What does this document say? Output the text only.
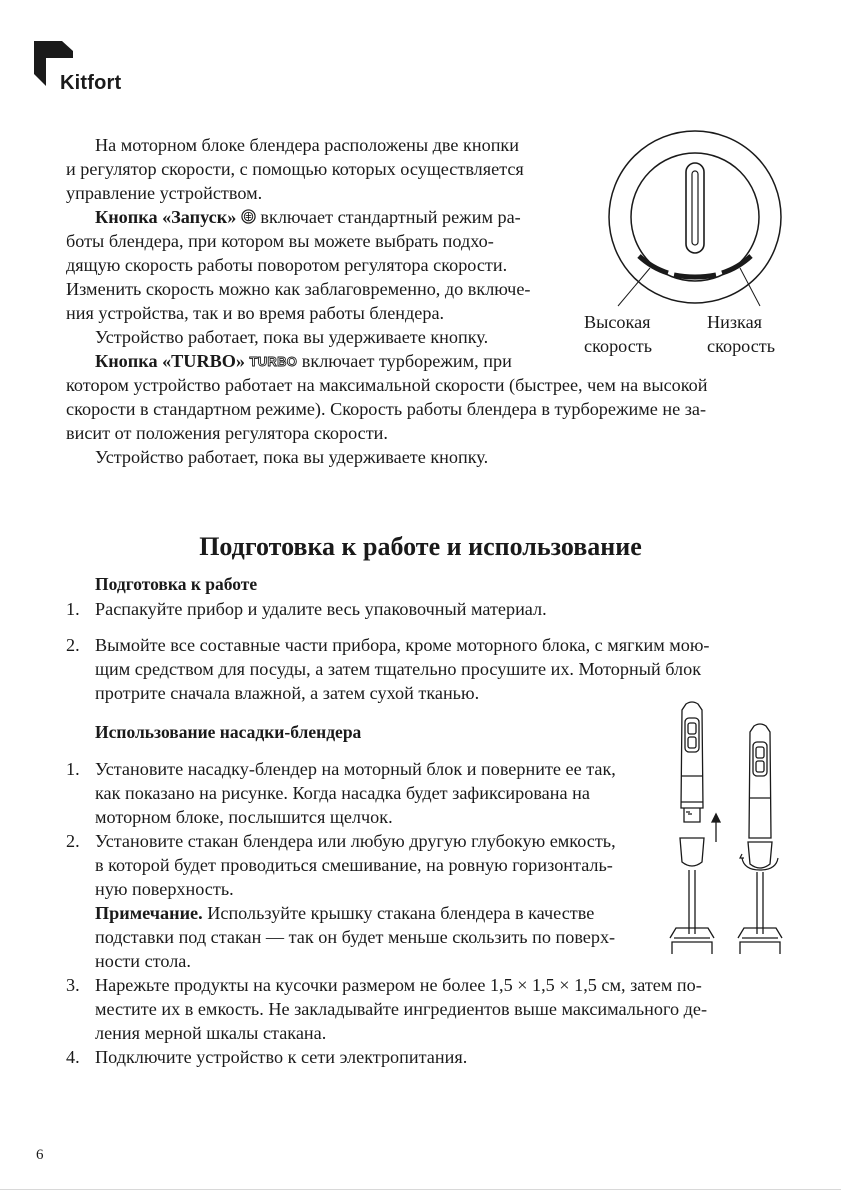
Kitfort
На моторном блоке блендера расположены две кнопки
и регулятор скорости, с помощью которых осуществляется
управление устройством.
Кнопка «Запуск» включает стандартный режим ра-
боты блендера, при котором вы можете выбрать подхо-
дящую скорость работы поворотом регулятора скорости.
Изменить скорость можно как заблаговременно, до включе-
ния устройства, так и во время работы блендера.
Устройство работает, пока вы удерживаете кнопку.
Кнопка «TURBO» TURBO включает турборежим, при
котором устройство работает на максимальной скорости (быстрее, чем на высокой
скорости в стандартном режиме). Скорость работы блендера в турборежиме не за-
висит от положения регулятора скорости.
Устройство работает, пока вы удерживаете кнопку.
Высокая
скорость
Низкая
скорость
Подготовка к работе и использование
Подготовка к работе
1. Распакуйте прибор и удалите весь упаковочный материал.
2. Вымойте все составные части прибора, кроме моторного блока, с мягким мою-
щим средством для посуды, а затем тщательно просушите их. Моторный блок
протрите сначала влажной, а затем сухой тканью.
Использование насадки-блендера
1. Установите насадку-блендер на моторный блок и поверните ее так,
как показано на рисунке. Когда насадка будет зафиксирована на
моторном блоке, послышится щелчок.
2. Установите стакан блендера или любую другую глубокую емкость,
в которой будет проводиться смешивание, на ровную горизонталь-
ную поверхность.
Примечание. Используйте крышку стакана блендера в качестве
подставки под стакан — так он будет меньше скользить по поверх-
ности стола.
3. Нарежьте продукты на кусочки размером не более 1,5 × 1,5 × 1,5 см, затем по-
местите их в емкость. Не закладывайте ингредиентов выше максимального де-
ления мерной шкалы стакана.
4. Подключите устройство к сети электропитания.
6
